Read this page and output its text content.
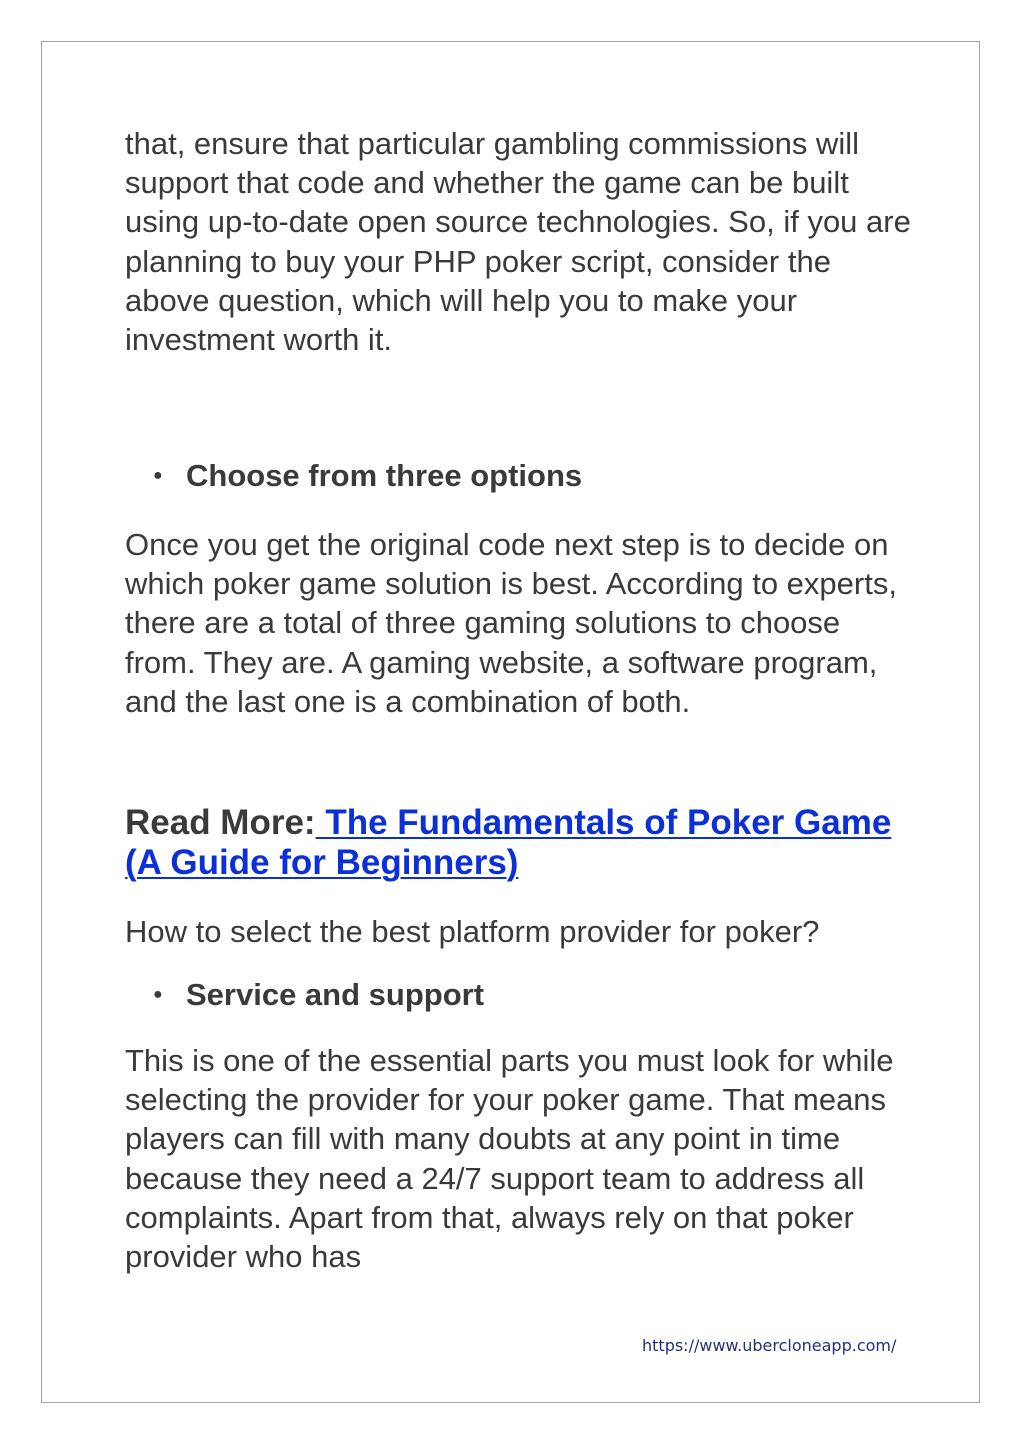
that, ensure that particular gambling commissions will support that code and whether the game can be built using up-to-date open source technologies. So, if you are planning to buy your PHP poker script, consider the above question, which will help you to make your investment worth it.

● Choose from three options

Once you get the original code next step is to decide on which poker game solution is best. According to experts, there are a total of three gaming solutions to choose from. They are. A gaming website, a software program, and the last one is a combination of both.

Read More: The Fundamentals of Poker Game (A Guide for Beginners)

How to select the best platform provider for poker?

● Service and support

This is one of the essential parts you must look for while selecting the provider for your poker game. That means players can fill with many doubts at any point in time because they need a 24/7 support team to address all complaints. Apart from that, always rely on that poker provider who has

https://www.ubercloneapp.com/
